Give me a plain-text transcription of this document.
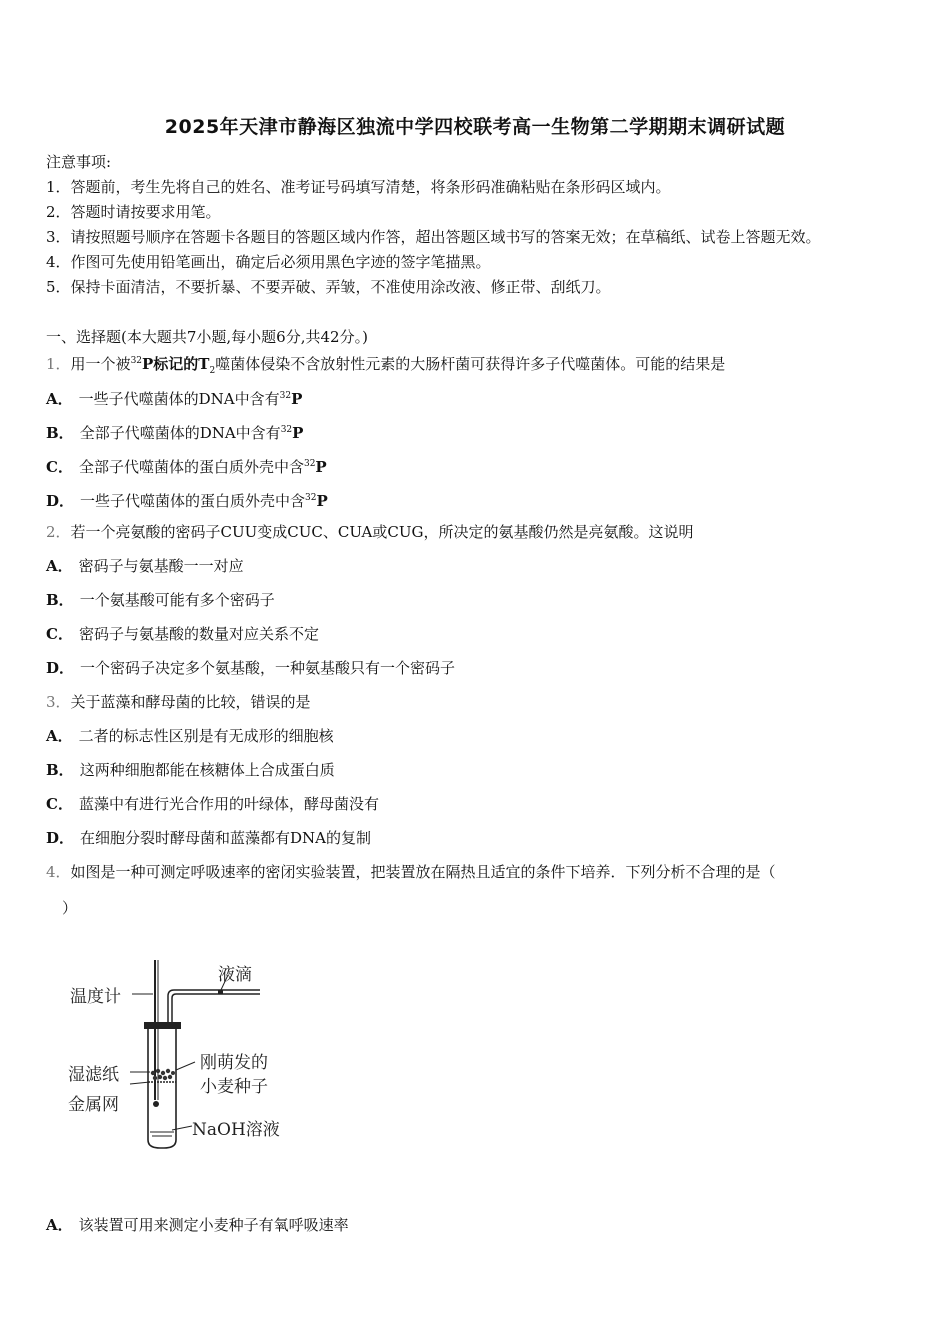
2025年天津市静海区独流中学四校联考高一生物第二学期期末调研试题
注意事项:
1．答题前，考生先将自己的姓名、准考证号码填写清楚，将条形码准确粘贴在条形码区域内。
2．答题时请按要求用笔。
3．请按照题号顺序在答题卡各题目的答题区域内作答，超出答题区域书写的答案无效；在草稿纸、试卷上答题无效。
4．作图可先使用铅笔画出，确定后必须用黑色字迹的签字笔描黑。
5．保持卡面清洁，不要折暴、不要弄破、弄皱，不准使用涂改液、修正带、刮纸刀。
一、选择题(本大题共7小题,每小题6分,共42分。)
1．用一个被$^{32}$P标记的$T_2$噬菌体侵染不含放射性元素的大肠杆菌可获得许多子代噬菌体。可能的结果是
A． 一些子代噬菌体的DNA中含有$^{32}$P
B． 全部子代噬菌体的DNA中含有$^{32}$P
C． 全部子代噬菌体的蛋白质外壳中含$^{32}$P
D． 一些子代噬菌体的蛋白质外壳中含$^{32}$P
2．若一个亮氨酸的密码子CUU变成CUC、CUA或CUG，所决定的氨基酸仍然是亮氨酸。这说明
A． 密码子与氨基酸一一对应
B． 一个氨基酸可能有多个密码子
C． 密码子与氨基酸的数量对应关系不定
D． 一个密码子决定多个氨基酸，一种氨基酸只有一个密码子
3．关于蓝藻和酵母菌的比较，错误的是
A． 二者的标志性区别是有无成形的细胞核
B． 这两种细胞都能在核糖体上合成蛋白质
C． 蓝藻中有进行光合作用的叶绿体，酵母菌没有
D． 在细胞分裂时酵母菌和蓝藻都有DNA的复制
4．如图是一种可测定呼吸速率的密闭实验装置，把装置放在隔热且适宜的条件下培养．下列分析不合理的是（
）
温度计
液滴
湿滤纸
刚萌发的
小麦种子
金属网
NaOH溶液
A． 该装置可用来测定小麦种子有氧呼吸速率
